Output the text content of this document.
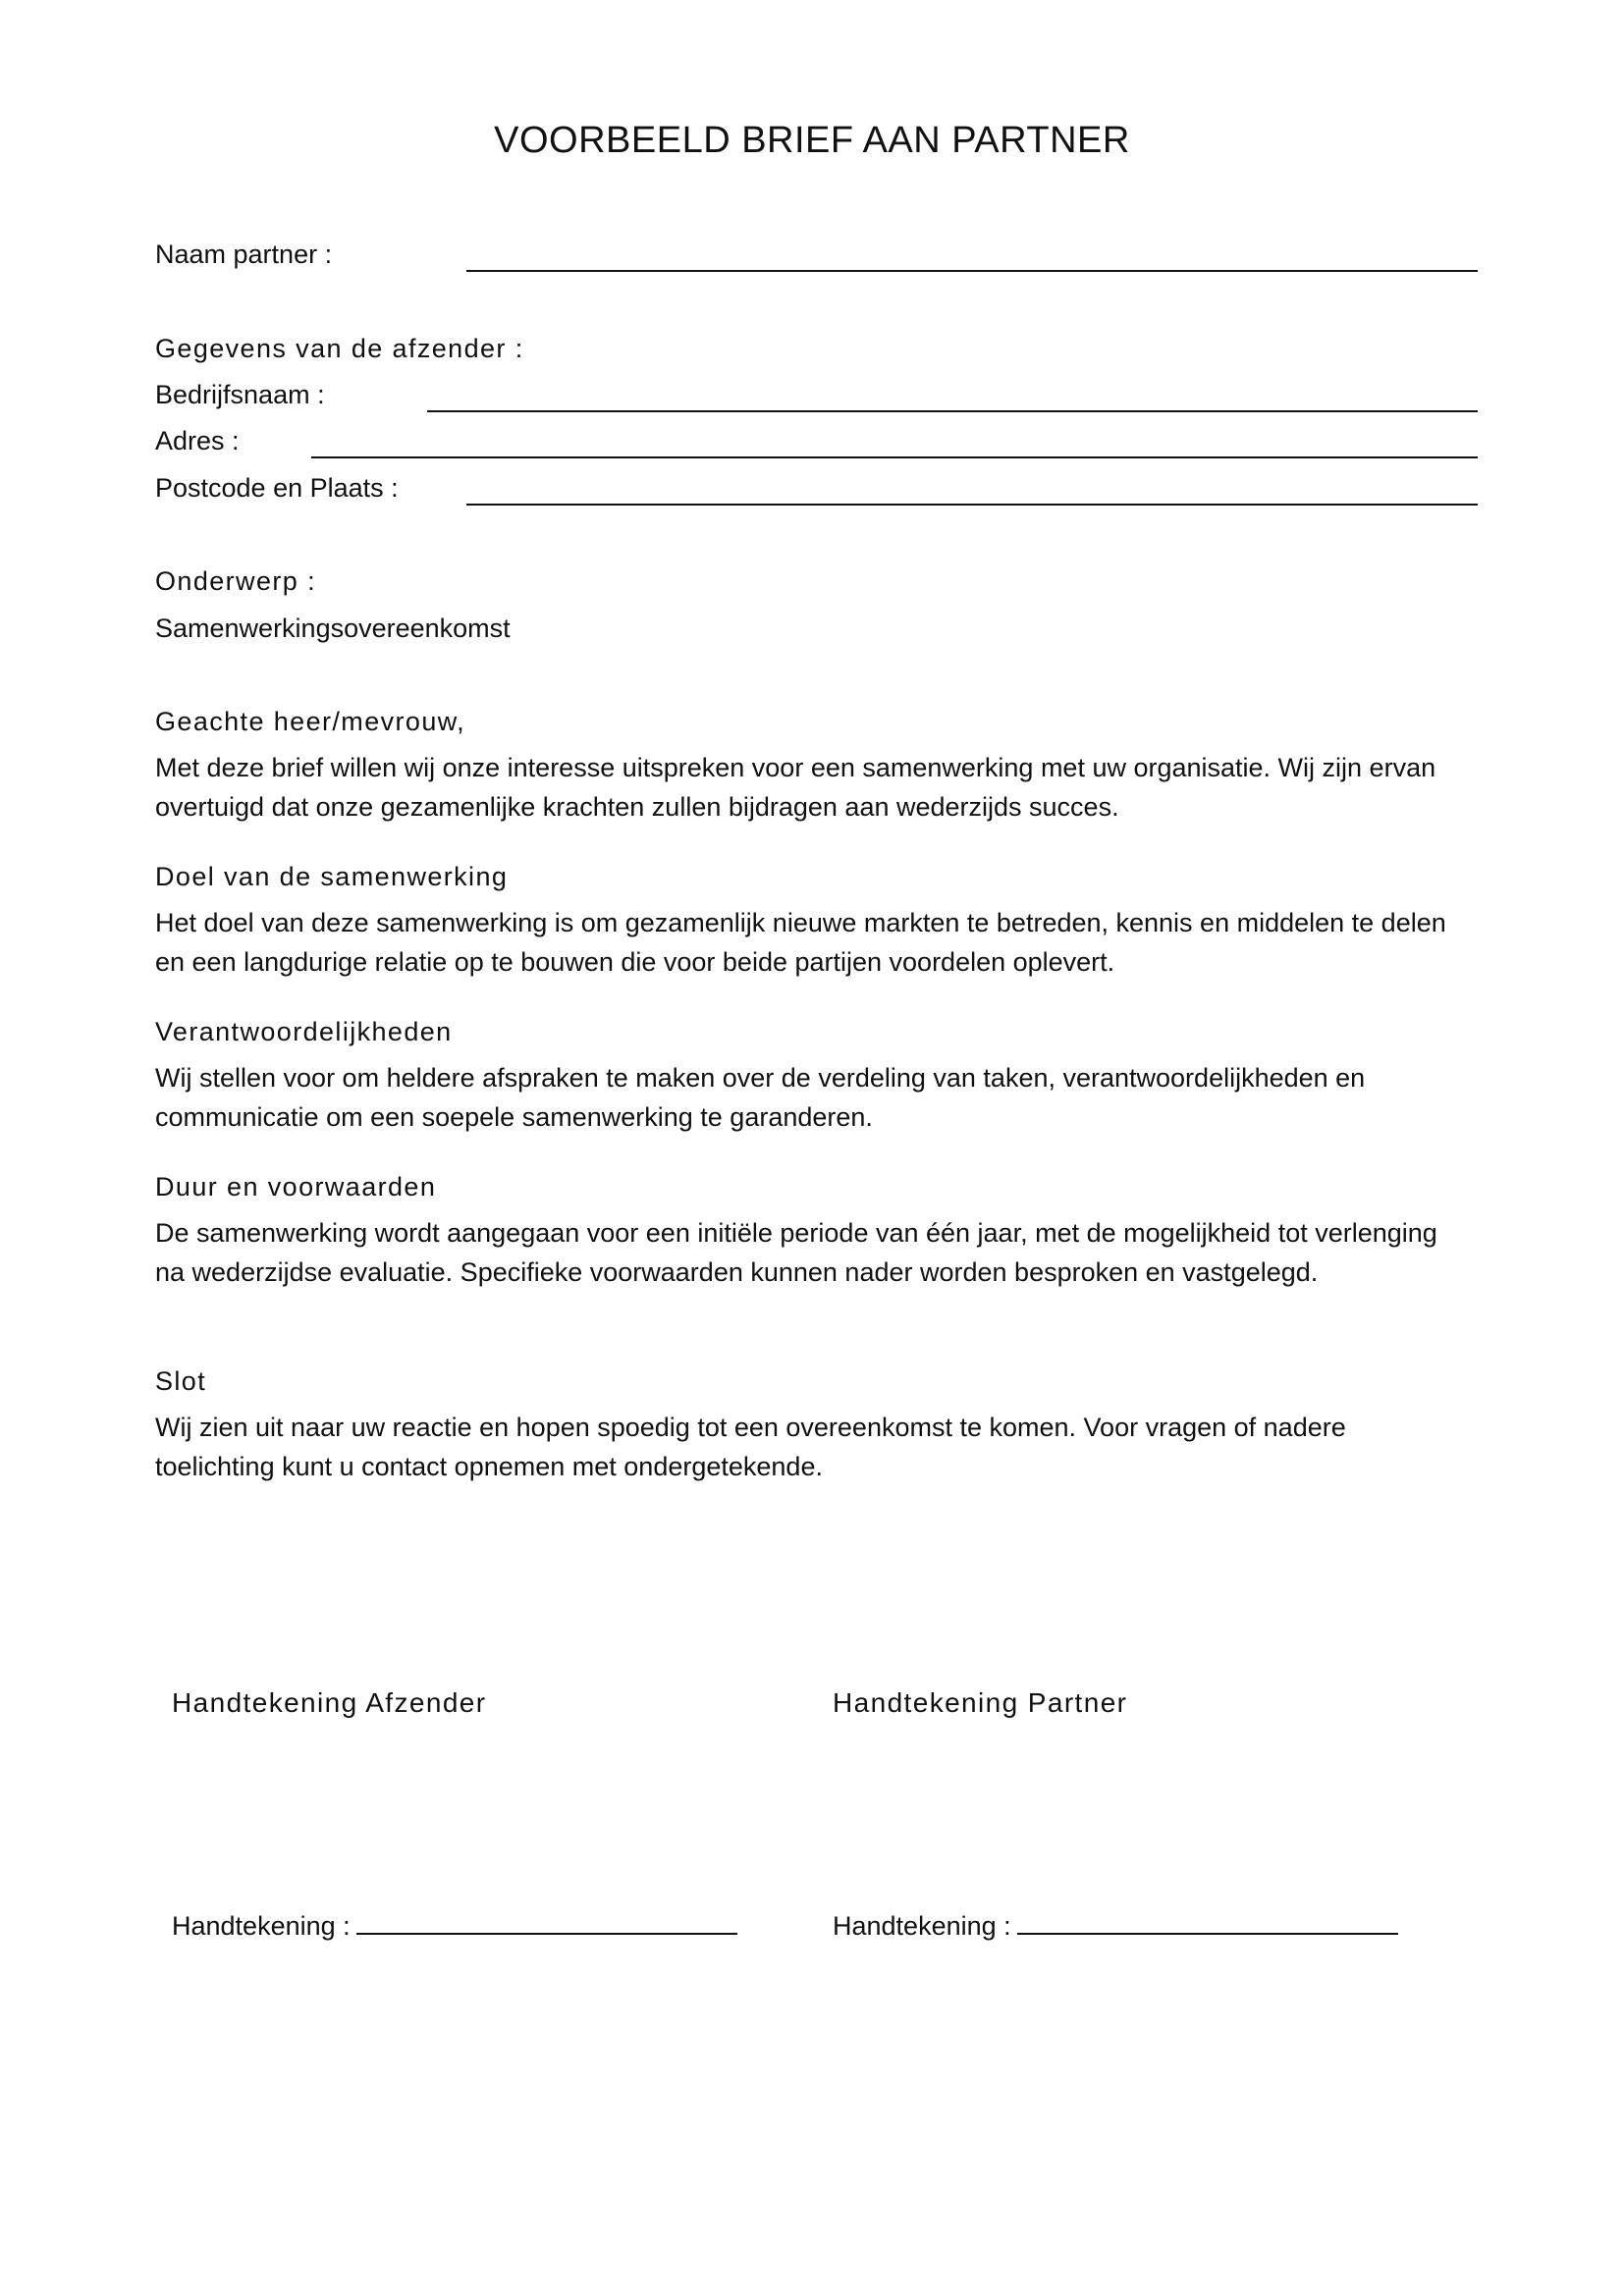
VOORBEELD BRIEF AAN PARTNER
Naam partner :
Gegevens van de afzender :
Bedrijfsnaam :
Adres :
Postcode en Plaats :
Onderwerp :
Samenwerkingsovereenkomst
Geachte heer/mevrouw,

Met deze brief willen wij onze interesse uitspreken voor een samenwerking met uw organisatie. Wij zijn ervan overtuigd dat onze gezamenlijke krachten zullen bijdragen aan wederzijds succes.

Doel van de samenwerking

Het doel van deze samenwerking is om gezamenlijk nieuwe markten te betreden, kennis en middelen te delen en een langdurige relatie op te bouwen die voor beide partijen voordelen oplevert.

Verantwoordelijkheden

Wij stellen voor om heldere afspraken te maken over de verdeling van taken, verantwoordelijkheden en communicatie om een soepele samenwerking te garanderen.

Duur en voorwaarden

De samenwerking wordt aangegaan voor een initiële periode van één jaar, met de mogelijkheid tot verlenging na wederzijdse evaluatie. Specifieke voorwaarden kunnen nader worden besproken en vastgelegd.

Slot

Wij zien uit naar uw reactie en hopen spoedig tot een overeenkomst te komen. Voor vragen of nadere toelichting kunt u contact opnemen met ondergetekende.

Handtekening Afzender	Handtekening Partner
Handtekening :	Handtekening :
